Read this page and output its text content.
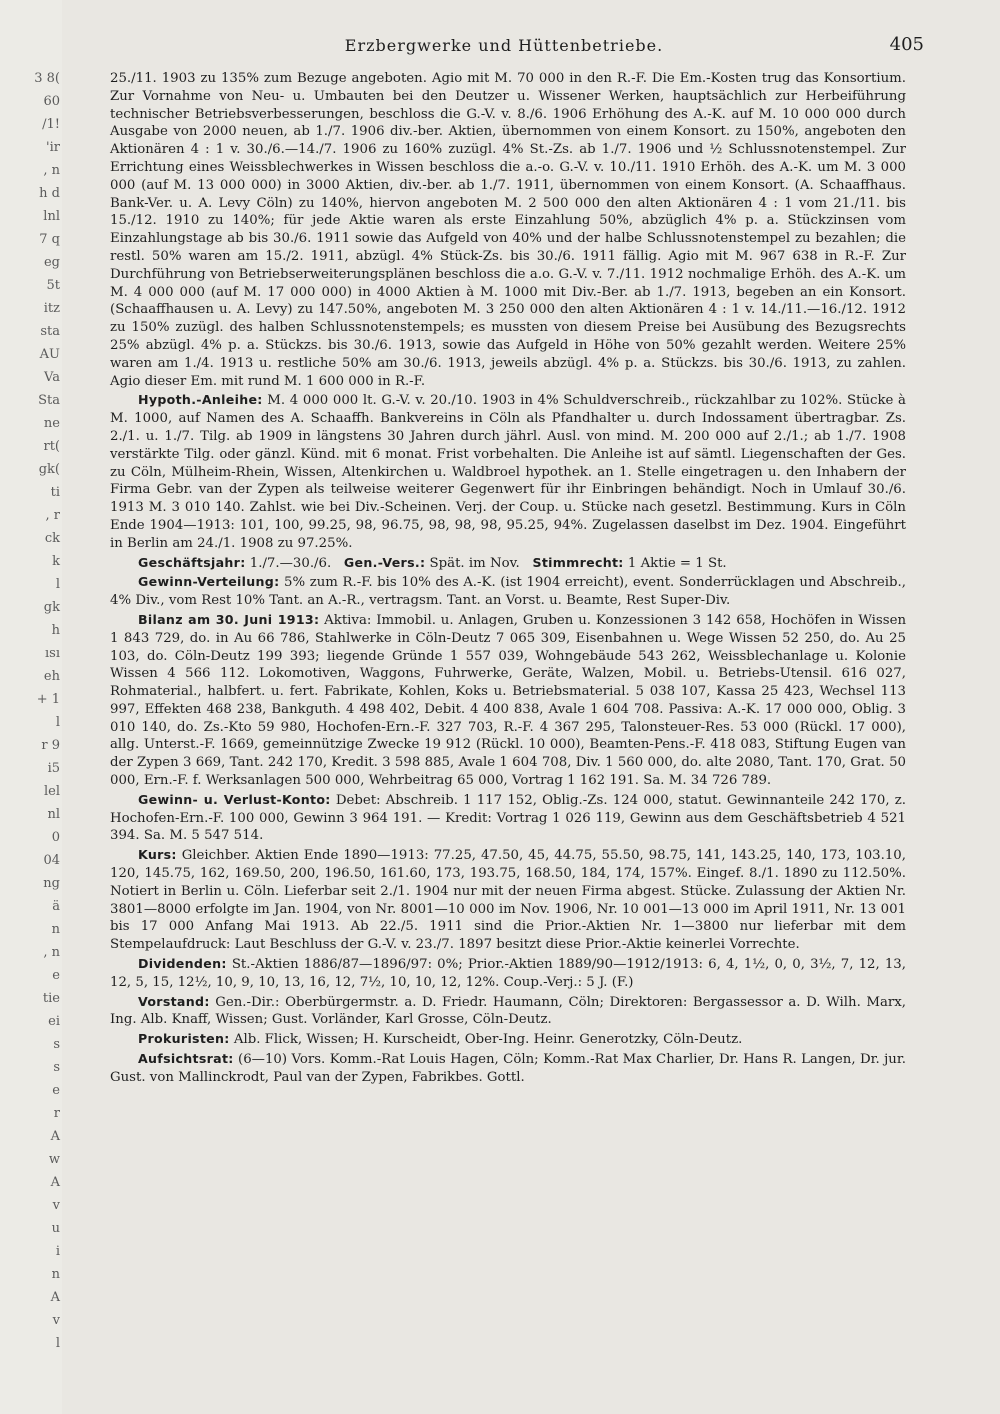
3 8(
60
/1!
'ir
, n
h d
lnl
7 q
eg
5t
itz
sta
AU
Va
Sta
ne
rt(
gk(
ti
, r
ck
k
l
gk
h
ısı
eh
+ 1
l
r 9
i5
lel
nl
0
04
ng
ä
n
, n
e
tie
ei
s
s
e
r
A
w
A
v
u
i
n
A
v
l
Erzbergwerke und Hüttenbetriebe.	405

25./11. 1903 zu 135% zum Bezuge angeboten. Agio mit M. 70 000 in den R.-F. Die Em.-Kosten trug das Konsortium. Zur Vornahme von Neu- u. Umbauten bei den Deutzer u. Wissener Werken, hauptsächlich zur Herbeiführung technischer Betriebsverbesserungen, beschloss die G.-V. v. 8./6. 1906 Erhöhung des A.-K. auf M. 10 000 000 durch Ausgabe von 2000 neuen, ab 1./7. 1906 div.-ber. Aktien, übernommen von einem Konsort. zu 150%, angeboten den Aktionären 4 : 1 v. 30./6.—14./7. 1906 zu 160% zuzügl. 4% St.-Zs. ab 1./7. 1906 und ½ Schlussnotenstempel. Zur Errichtung eines Weissblechwerkes in Wissen beschloss die a.-o. G.-V. v. 10./11. 1910 Erhöh. des A.-K. um M. 3 000 000 (auf M. 13 000 000) in 3000 Aktien, div.-ber. ab 1./7. 1911, übernommen von einem Konsort. (A. Schaaffhaus. Bank-Ver. u. A. Levy Cöln) zu 140%, hiervon angeboten M. 2 500 000 den alten Aktionären 4 : 1 vom 21./11. bis 15./12. 1910 zu 140%; für jede Aktie waren als erste Einzahlung 50%, abzüglich 4% p. a. Stückzinsen vom Einzahlungstage ab bis 30./6. 1911 sowie das Aufgeld von 40% und der halbe Schlussnotenstempel zu bezahlen; die restl. 50% waren am 15./2. 1911, abzügl. 4% Stück-Zs. bis 30./6. 1911 fällig. Agio mit M. 967 638 in R.-F. Zur Durchführung von Betriebserweiterungsplänen beschloss die a.o. G.-V. v. 7./11. 1912 nochmalige Erhöh. des A.-K. um M. 4 000 000 (auf M. 17 000 000) in 4000 Aktien à M. 1000 mit Div.-Ber. ab 1./7. 1913, begeben an ein Konsort. (Schaaffhausen u. A. Levy) zu 147.50%, angeboten M. 3 250 000 den alten Aktionären 4 : 1 v. 14./11.—16./12. 1912 zu 150% zuzügl. des halben Schlussnotenstempels; es mussten von diesem Preise bei Ausübung des Bezugsrechts 25% abzügl. 4% p. a. Stückzs. bis 30./6. 1913, sowie das Aufgeld in Höhe von 50% gezahlt werden. Weitere 25% waren am 1./4. 1913 u. restliche 50% am 30./6. 1913, jeweils abzügl. 4% p. a. Stückzs. bis 30./6. 1913, zu zahlen. Agio dieser Em. mit rund M. 1 600 000 in R.-F.

Hypoth.-Anleihe: M. 4 000 000 lt. G.-V. v. 20./10. 1903 in 4% Schuldverschreib., rückzahlbar zu 102%. Stücke à M. 1000, auf Namen des A. Schaaffh. Bankvereins in Cöln als Pfandhalter u. durch Indossament übertragbar. Zs. 2./1. u. 1./7. Tilg. ab 1909 in längstens 30 Jahren durch jährl. Ausl. von mind. M. 200 000 auf 2./1.; ab 1./7. 1908 verstärkte Tilg. oder gänzl. Künd. mit 6 monat. Frist vorbehalten. Die Anleihe ist auf sämtl. Liegenschaften der Ges. zu Cöln, Mülheim-Rhein, Wissen, Altenkirchen u. Waldbroel hypothek. an 1. Stelle eingetragen u. den Inhabern der Firma Gebr. van der Zypen als teilweise weiterer Gegenwert für ihr Einbringen behändigt. Noch in Umlauf 30./6. 1913 M. 3 010 140. Zahlst. wie bei Div.-Scheinen. Verj. der Coup. u. Stücke nach gesetzl. Bestimmung. Kurs in Cöln Ende 1904—1913: 101, 100, 99.25, 98, 96.75, 98, 98, 98, 95.25, 94%. Zugelassen daselbst im Dez. 1904. Eingeführt in Berlin am 24./1. 1908 zu 97.25%.

Geschäftsjahr: 1./7.—30./6. Gen.-Vers.: Spät. im Nov. Stimmrecht: 1 Aktie = 1 St.

Gewinn-Verteilung: 5% zum R.-F. bis 10% des A.-K. (ist 1904 erreicht), event. Sonderrücklagen und Abschreib., 4% Div., vom Rest 10% Tant. an A.-R., vertragsm. Tant. an Vorst. u. Beamte, Rest Super-Div.

Bilanz am 30. Juni 1913: Aktiva: Immobil. u. Anlagen, Gruben u. Konzessionen 3 142 658, Hochöfen in Wissen 1 843 729, do. in Au 66 786, Stahlwerke in Cöln-Deutz 7 065 309, Eisenbahnen u. Wege Wissen 52 250, do. Au 25 103, do. Cöln-Deutz 199 393; liegende Gründe 1 557 039, Wohngebäude 543 262, Weissblechanlage u. Kolonie Wissen 4 566 112. Lokomotiven, Waggons, Fuhrwerke, Geräte, Walzen, Mobil. u. Betriebs-Utensil. 616 027, Rohmaterial., halbfert. u. fert. Fabrikate, Kohlen, Koks u. Betriebsmaterial. 5 038 107, Kassa 25 423, Wechsel 113 997, Effekten 468 238, Bankguth. 4 498 402, Debit. 4 400 838, Avale 1 604 708. Passiva: A.-K. 17 000 000, Oblig. 3 010 140, do. Zs.-Kto 59 980, Hochofen-Ern.-F. 327 703, R.-F. 4 367 295, Talonsteuer-Res. 53 000 (Rückl. 17 000), allg. Unterst.-F. 1669, gemeinnützige Zwecke 19 912 (Rückl. 10 000), Beamten-Pens.-F. 418 083, Stiftung Eugen van der Zypen 3 669, Tant. 242 170, Kredit. 3 598 885, Avale 1 604 708, Div. 1 560 000, do. alte 2080, Tant. 170, Grat. 50 000, Ern.-F. f. Werksanlagen 500 000, Wehrbeitrag 65 000, Vortrag 1 162 191. Sa. M. 34 726 789.

Gewinn- u. Verlust-Konto: Debet: Abschreib. 1 117 152, Oblig.-Zs. 124 000, statut. Gewinnanteile 242 170, z. Hochofen-Ern.-F. 100 000, Gewinn 3 964 191. — Kredit: Vortrag 1 026 119, Gewinn aus dem Geschäftsbetrieb 4 521 394. Sa. M. 5 547 514.

Kurs: Gleichber. Aktien Ende 1890—1913: 77.25, 47.50, 45, 44.75, 55.50, 98.75, 141, 143.25, 140, 173, 103.10, 120, 145.75, 162, 169.50, 200, 196.50, 161.60, 173, 193.75, 168.50, 184, 174, 157%. Eingef. 8./1. 1890 zu 112.50%. Notiert in Berlin u. Cöln. Lieferbar seit 2./1. 1904 nur mit der neuen Firma abgest. Stücke. Zulassung der Aktien Nr. 3801—8000 erfolgte im Jan. 1904, von Nr. 8001—10 000 im Nov. 1906, Nr. 10 001—13 000 im April 1911, Nr. 13 001 bis 17 000 Anfang Mai 1913. Ab 22./5. 1911 sind die Prior.-Aktien Nr. 1—3800 nur lieferbar mit dem Stempelaufdruck: Laut Beschluss der G.-V. v. 23./7. 1897 besitzt diese Prior.-Aktie keinerlei Vorrechte.

Dividenden: St.-Aktien 1886/87—1896/97: 0%; Prior.-Aktien 1889/90—1912/1913: 6, 4, 1½, 0, 0, 3½, 7, 12, 13, 12, 5, 15, 12½, 10, 9, 10, 13, 16, 12, 7½, 10, 10, 12, 12%. Coup.-Verj.: 5 J. (F.)

Vorstand: Gen.-Dir.: Oberbürgermstr. a. D. Friedr. Haumann, Cöln; Direktoren: Bergassessor a. D. Wilh. Marx, Ing. Alb. Knaff, Wissen; Gust. Vorländer, Karl Grosse, Cöln-Deutz.

Prokuristen: Alb. Flick, Wissen; H. Kurscheidt, Ober-Ing. Heinr. Generotzky, Cöln-Deutz.

Aufsichtsrat: (6—10) Vors. Komm.-Rat Louis Hagen, Cöln; Komm.-Rat Max Charlier, Dr. Hans R. Langen, Dr. jur. Gust. von Mallinckrodt, Paul van der Zypen, Fabrikbes. Gottl.
